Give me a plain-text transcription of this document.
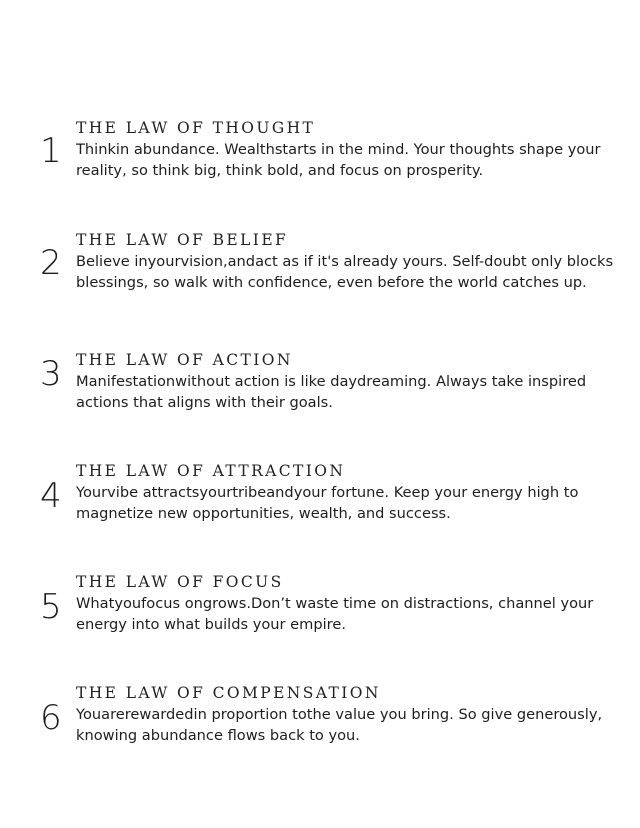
1
THE LAW OF THOUGHT
Thinkin abundance. Wealthstarts in the mind. Your thoughts shape your reality, so think big, think bold, and focus on prosperity.
2
THE LAW OF BELIEF
Believe inyourvision,andact as if it's already yours. Self-doubt only blocks blessings, so walk with confidence, even before the world catches up.
3 THE LAW OF ACTION
Manifestationwithout action is like daydreaming. Always take inspired actions that aligns with their goals.
4
THE LAW OF ATTRACTION
Yourvibe attractsyourtribeandyour fortune. Keep your energy high to magnetize new opportunities, wealth, and success.
5
THE LAW OF FOCUS
Whatyoufocus ongrows.Don’t waste time on distractions, channel your energy into what builds your empire.
6
THE LAW OF COMPENSATION
Youarerewardedin proportion tothe value you bring. So give generously, knowing abundance flows back to you.
